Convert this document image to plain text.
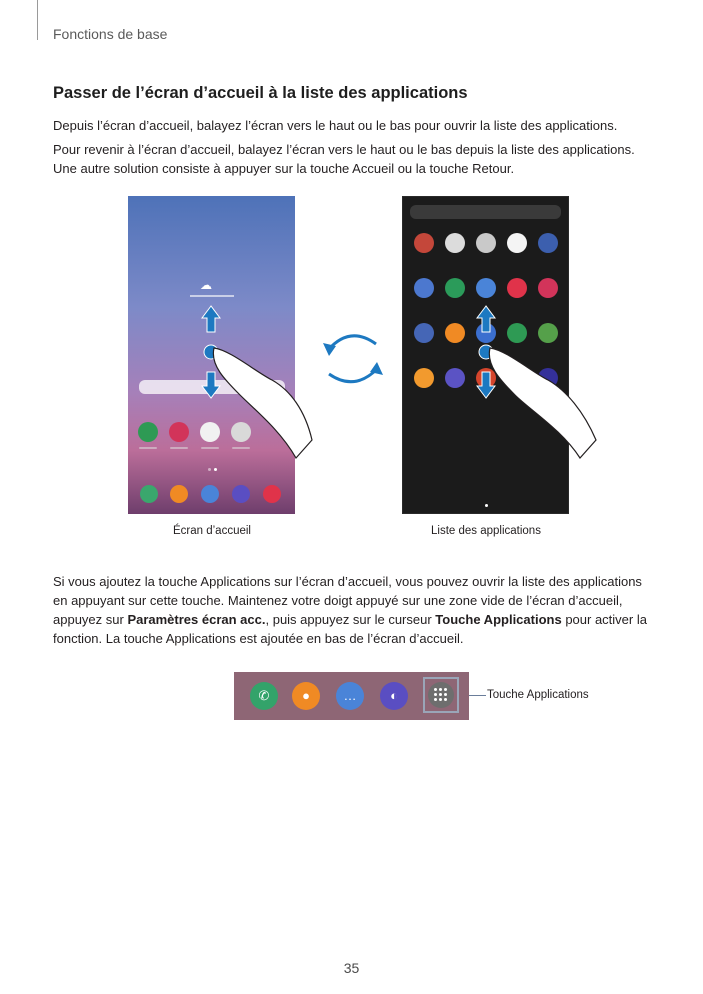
Fonctions de base
Passer de l’écran d’accueil à la liste des applications
Depuis l’écran d’accueil, balayez l’écran vers le haut ou le bas pour ouvrir la liste des applications.
Pour revenir à l’écran d’accueil, balayez l’écran vers le haut ou le bas depuis la liste des applications. Une autre solution consiste à appuyer sur la touche Accueil ou la touche Retour.
☁
Écran d’accueil	Liste des applications
Si vous ajoutez la touche Applications sur l’écran d’accueil, vous pouvez ouvrir la liste des applications en appuyant sur cette touche. Maintenez votre doigt appuyé sur une zone vide de l’écran d’accueil, appuyez sur Paramètres écran acc., puis appuyez sur le curseur Touche Applications pour activer la fonction. La touche Applications est ajoutée en bas de l’écran d’accueil.
✆	●	…	◐	Touche Applications
35
